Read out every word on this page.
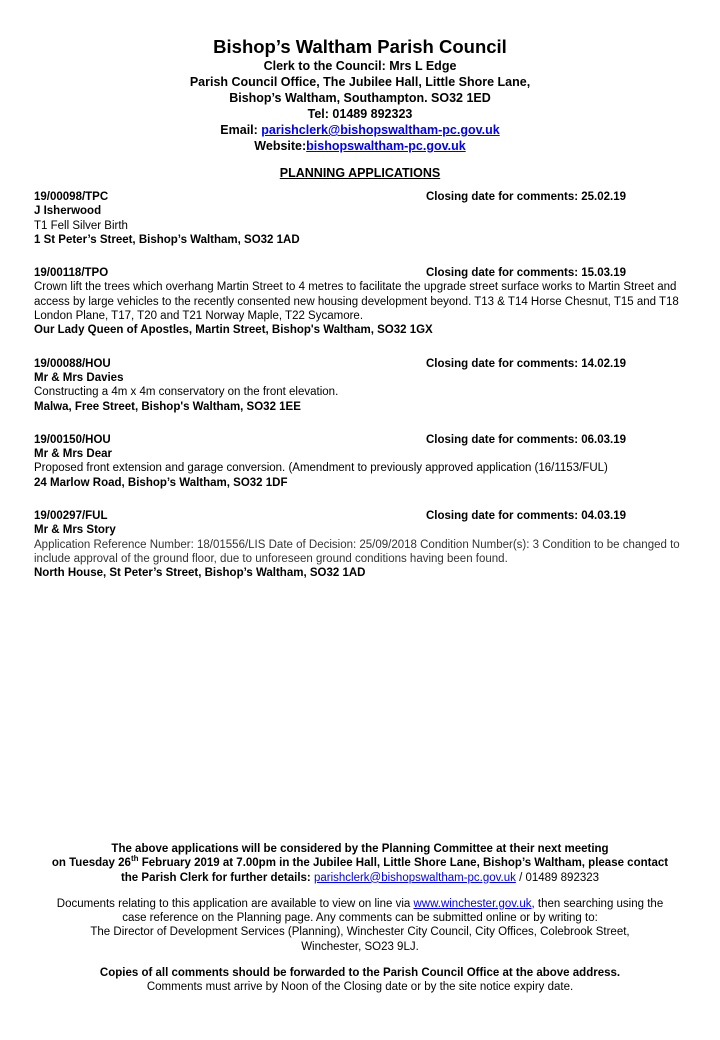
Bishop’s Waltham Parish Council
Clerk to the Council: Mrs L Edge
Parish Council Office, The Jubilee Hall, Little Shore Lane,
Bishop’s Waltham, Southampton. SO32 1ED
Tel: 01489 892323
Email: parishclerk@bishopswaltham-pc.gov.uk
Website:bishopswaltham-pc.gov.uk
PLANNING APPLICATIONS
19/00098/TPC	Closing date for comments: 25.02.19
J Isherwood
T1 Fell Silver Birth
1 St Peter’s Street, Bishop’s Waltham, SO32 1AD
19/00118/TPO	Closing date for comments: 15.03.19
Crown lift the trees which overhang Martin Street to 4 metres to facilitate the upgrade street surface works to Martin Street and access by large vehicles to the recently consented new housing development beyond. T13 & T14 Horse Chesnut, T15 and T18 London Plane, T17, T20 and T21 Norway Maple, T22 Sycamore.
Our Lady Queen of Apostles, Martin Street, Bishop's Waltham, SO32 1GX
19/00088/HOU	Closing date for comments: 14.02.19
Mr & Mrs Davies
Constructing a 4m x 4m conservatory on the front elevation.
Malwa, Free Street, Bishop's Waltham, SO32 1EE
19/00150/HOU	Closing date for comments: 06.03.19
Mr & Mrs Dear
Proposed front extension and garage conversion. (Amendment to previously approved application (16/1153/FUL)
24 Marlow Road, Bishop’s Waltham, SO32 1DF
19/00297/FUL	Closing date for comments: 04.03.19
Mr & Mrs Story
Application Reference Number: 18/01556/LIS Date of Decision: 25/09/2018 Condition Number(s): 3 Condition to be changed to include approval of the ground floor, due to unforeseen ground conditions having been found.
North House, St Peter’s Street, Bishop’s Waltham, SO32 1AD
The above applications will be considered by the Planning Committee at their next meeting
on Tuesday 26th February 2019 at 7.00pm in the Jubilee Hall, Little Shore Lane, Bishop’s Waltham, please contact
the Parish Clerk for further details: parishclerk@bishopswaltham-pc.gov.uk / 01489 892323
Documents relating to this application are available to view on line via www.winchester.gov.uk, then searching using the
case reference on the Planning page. Any comments can be submitted online or by writing to:
The Director of Development Services (Planning), Winchester City Council, City Offices, Colebrook Street,
Winchester, SO23 9LJ.
Copies of all comments should be forwarded to the Parish Council Office at the above address.
Comments must arrive by Noon of the Closing date or by the site notice expiry date.
